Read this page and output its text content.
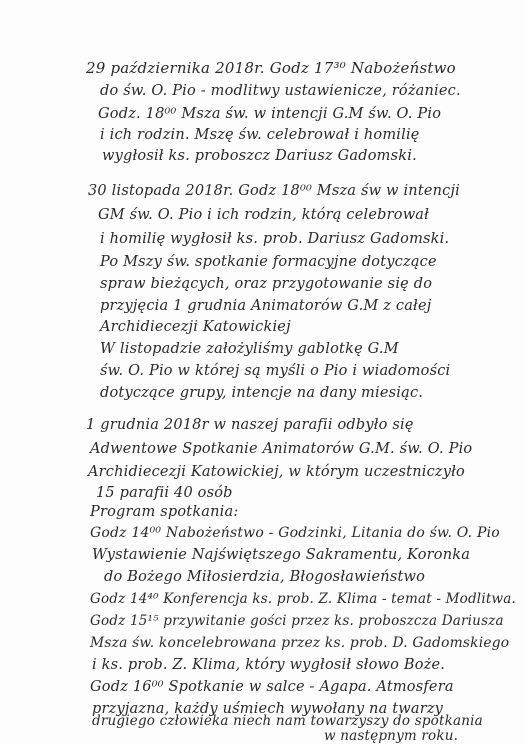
29 października 2018r. Godz 17³⁰ Nabożeństwo
do św. O. Pio - modlitwy ustawienicze, różaniec.
Godz. 18⁰⁰ Msza św. w intencji G.M św. O. Pio
i ich rodzin. Mszę św. celebrował i homilię
wygłosił ks. proboszcz Dariusz Gadomski.
30 listopada 2018r. Godz 18⁰⁰ Msza św w intencji
GM św. O. Pio i ich rodzin, którą celebrował
i homilię wygłosił ks. prob. Dariusz Gadomski.
Po Mszy św. spotkanie formacyjne dotyczące
spraw bieżących, oraz przygotowanie się do
przyjęcia 1 grudnia Animatorów G.M z całej
Archidiecezji Katowickiej
W listopadzie założyliśmy gablotkę G.M
św. O. Pio w której są myśli o Pio i wiadomości
dotyczące grupy, intencje na dany miesiąc.
1 grudnia 2018r w naszej parafii odbyło się
Adwentowe Spotkanie Animatorów G.M. św. O. Pio
Archidiecezji Katowickiej, w którym uczestniczyło
15 parafii 40 osób
Program spotkania:
Godz 14⁰⁰ Nabożeństwo - Godzinki, Litania do św. O. Pio
Wystawienie Najświętszego Sakramentu, Koronka
do Bożego Miłosierdzia, Błogosławieństwo
Godz 14⁴⁰ Konferencja ks. prob. Z. Klima - temat - Modlitwa.
Godz 15¹⁵ przywitanie gości przez ks. proboszcza Dariusza
Msza św. koncelebrowana przez ks. prob. D. Gadomskiego
i ks. prob. Z. Klima, który wygłosił słowo Boże.
Godz 16⁰⁰ Spotkanie w salce - Agapa. Atmosfera
przyjazna, każdy uśmiech wywołany na twarzy
drugiego człowieka niech nam towarzyszy do spotkania
w następnym roku.
